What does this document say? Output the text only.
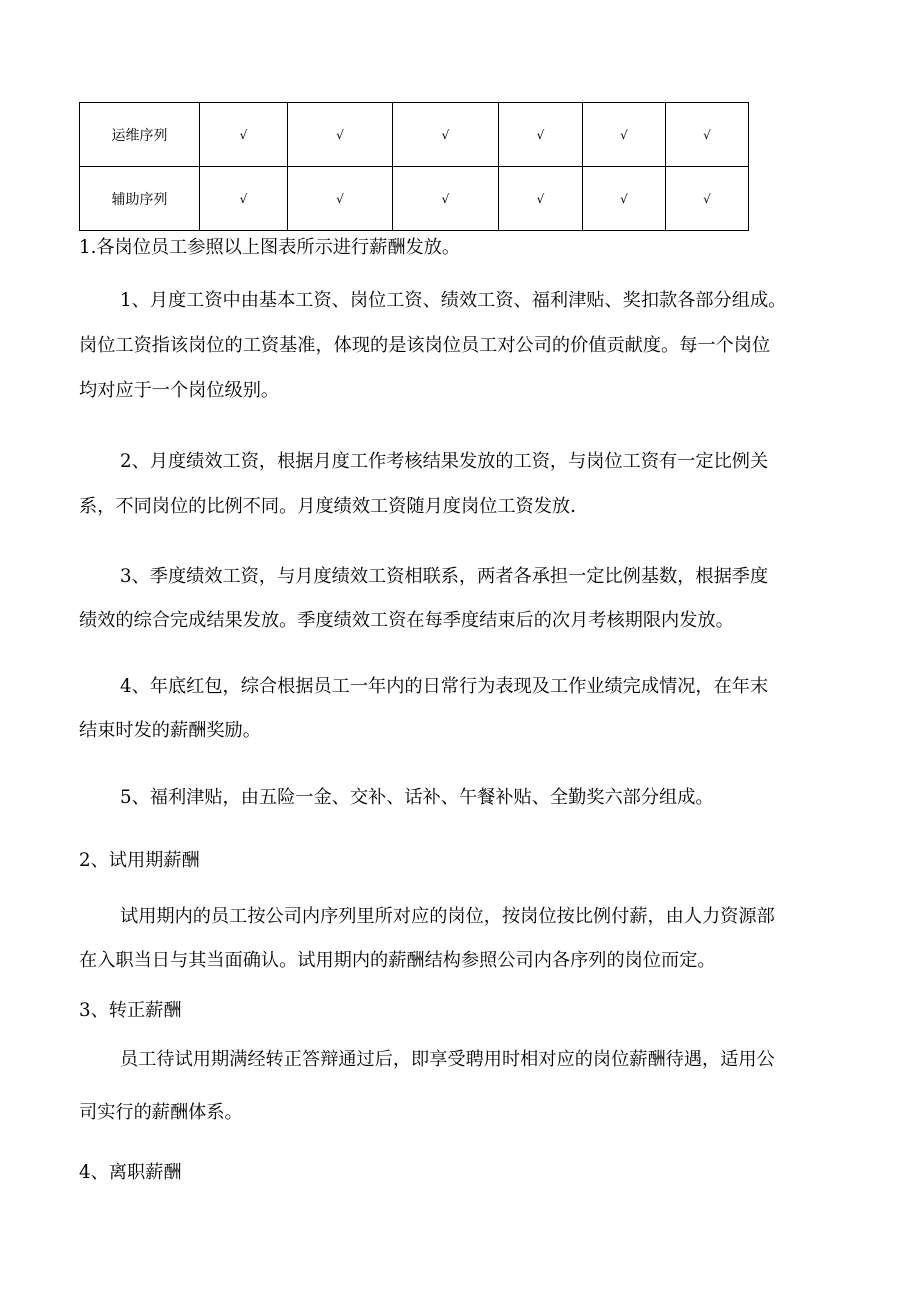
运维序列	√	√	√	√	√	√
辅助序列	√	√	√	√	√	√
1.各岗位员工参照以上图表所示进行薪酬发放。
1、月度工资中由基本工资、岗位工资、绩效工资、福利津贴、奖扣款各部分组成。
岗位工资指该岗位的工资基准，体现的是该岗位员工对公司的价值贡献度。每一个岗位
均对应于一个岗位级别。
2、月度绩效工资，根据月度工作考核结果发放的工资，与岗位工资有一定比例关
系，不同岗位的比例不同。月度绩效工资随月度岗位工资发放.
3、季度绩效工资，与月度绩效工资相联系，两者各承担一定比例基数，根据季度
绩效的综合完成结果发放。季度绩效工资在每季度结束后的次月考核期限内发放。
4、年底红包，综合根据员工一年内的日常行为表现及工作业绩完成情况，在年末
结束时发的薪酬奖励。
5、福利津贴，由五险一金、交补、话补、午餐补贴、全勤奖六部分组成。
2、试用期薪酬
试用期内的员工按公司内序列里所对应的岗位，按岗位按比例付薪，由人力资源部
在入职当日与其当面确认。试用期内的薪酬结构参照公司内各序列的岗位而定。
3、转正薪酬
员工待试用期满经转正答辩通过后，即享受聘用时相对应的岗位薪酬待遇，适用公
司实行的薪酬体系。
4、离职薪酬
